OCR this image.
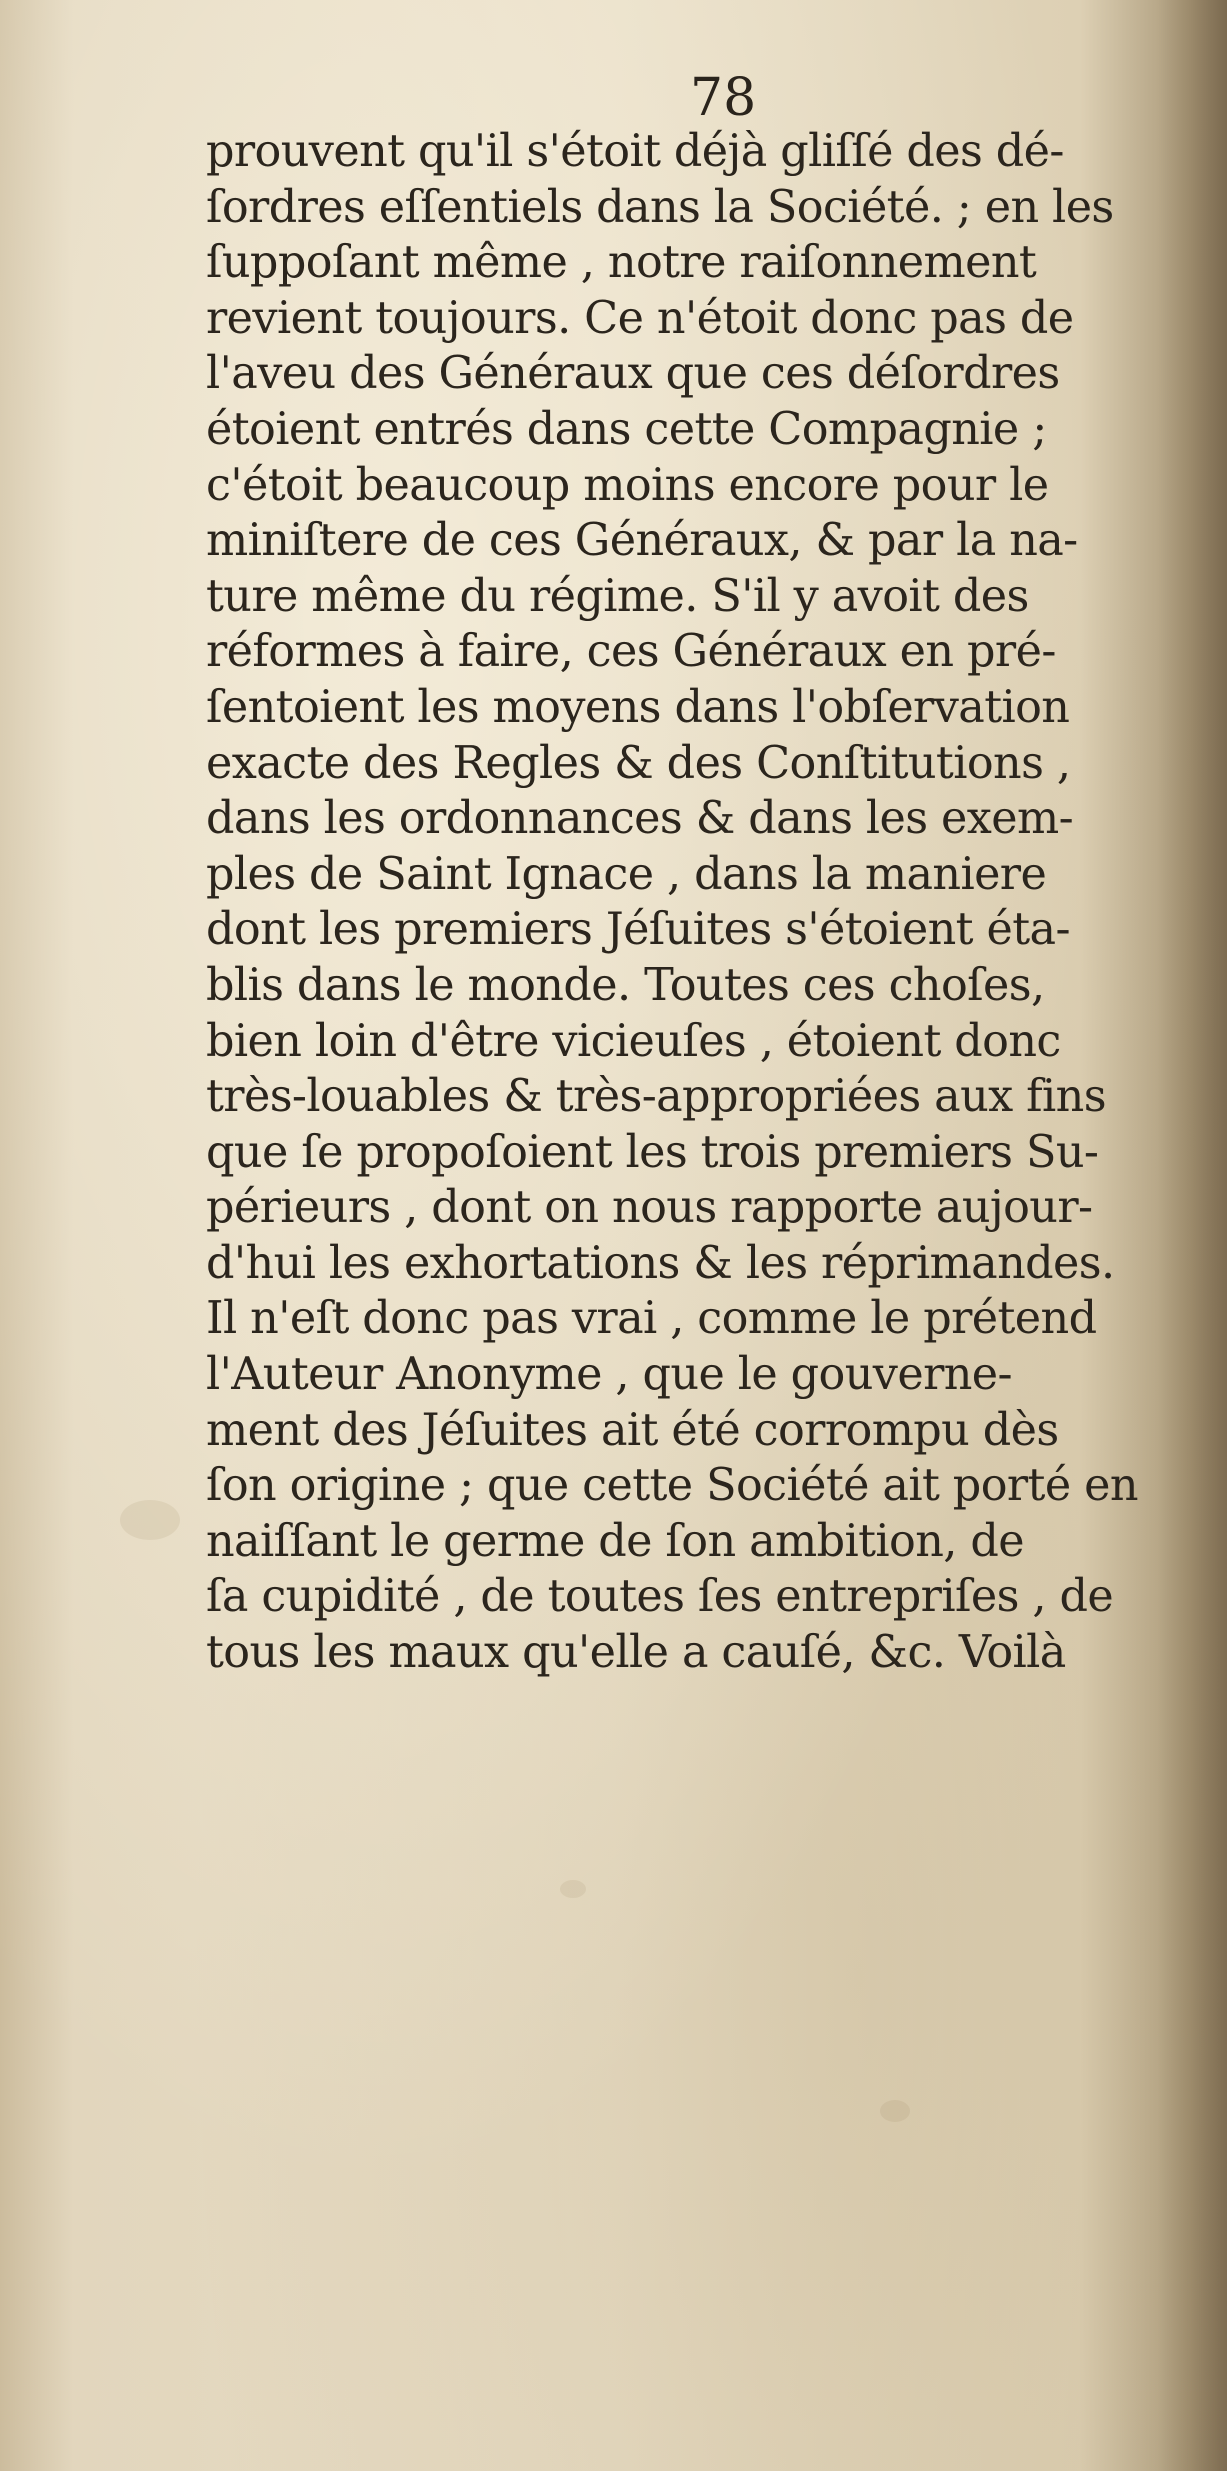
78
prouvent qu'il s'étoit déjà gliſſé des dé-
ſordres eſſentiels dans la Société. ; en les
ſuppoſant même , notre raiſonnement
revient toujours. Ce n'étoit donc pas de
l'aveu des Généraux que ces déſordres
étoient entrés dans cette Compagnie ;
c'étoit beaucoup moins encore pour le
miniſtere de ces Généraux, & par la na-
ture même du régime. S'il y avoit des
réformes à faire, ces Généraux en pré-
ſentoient les moyens dans l'obſervation
exacte des Regles & des Conſtitutions ,
dans les ordonnances & dans les exem-
ples de Saint Ignace , dans la maniere
dont les premiers Jéſuites s'étoient éta-
blis dans le monde. Toutes ces choſes,
bien loin d'être vicieuſes , étoient donc
très-louables & très-appropriées aux fins
que ſe propoſoient les trois premiers Su-
périeurs , dont on nous rapporte aujour-
d'hui les exhortations & les réprimandes.
Il n'eſt donc pas vrai , comme le prétend
l'Auteur Anonyme , que le gouverne-
ment des Jéſuites ait été corrompu dès
ſon origine ; que cette Société ait porté en
naiſſant le germe de ſon ambition, de
ſa cupidité , de toutes ſes entrepriſes , de
tous les maux qu'elle a cauſé, &c. Voilà
